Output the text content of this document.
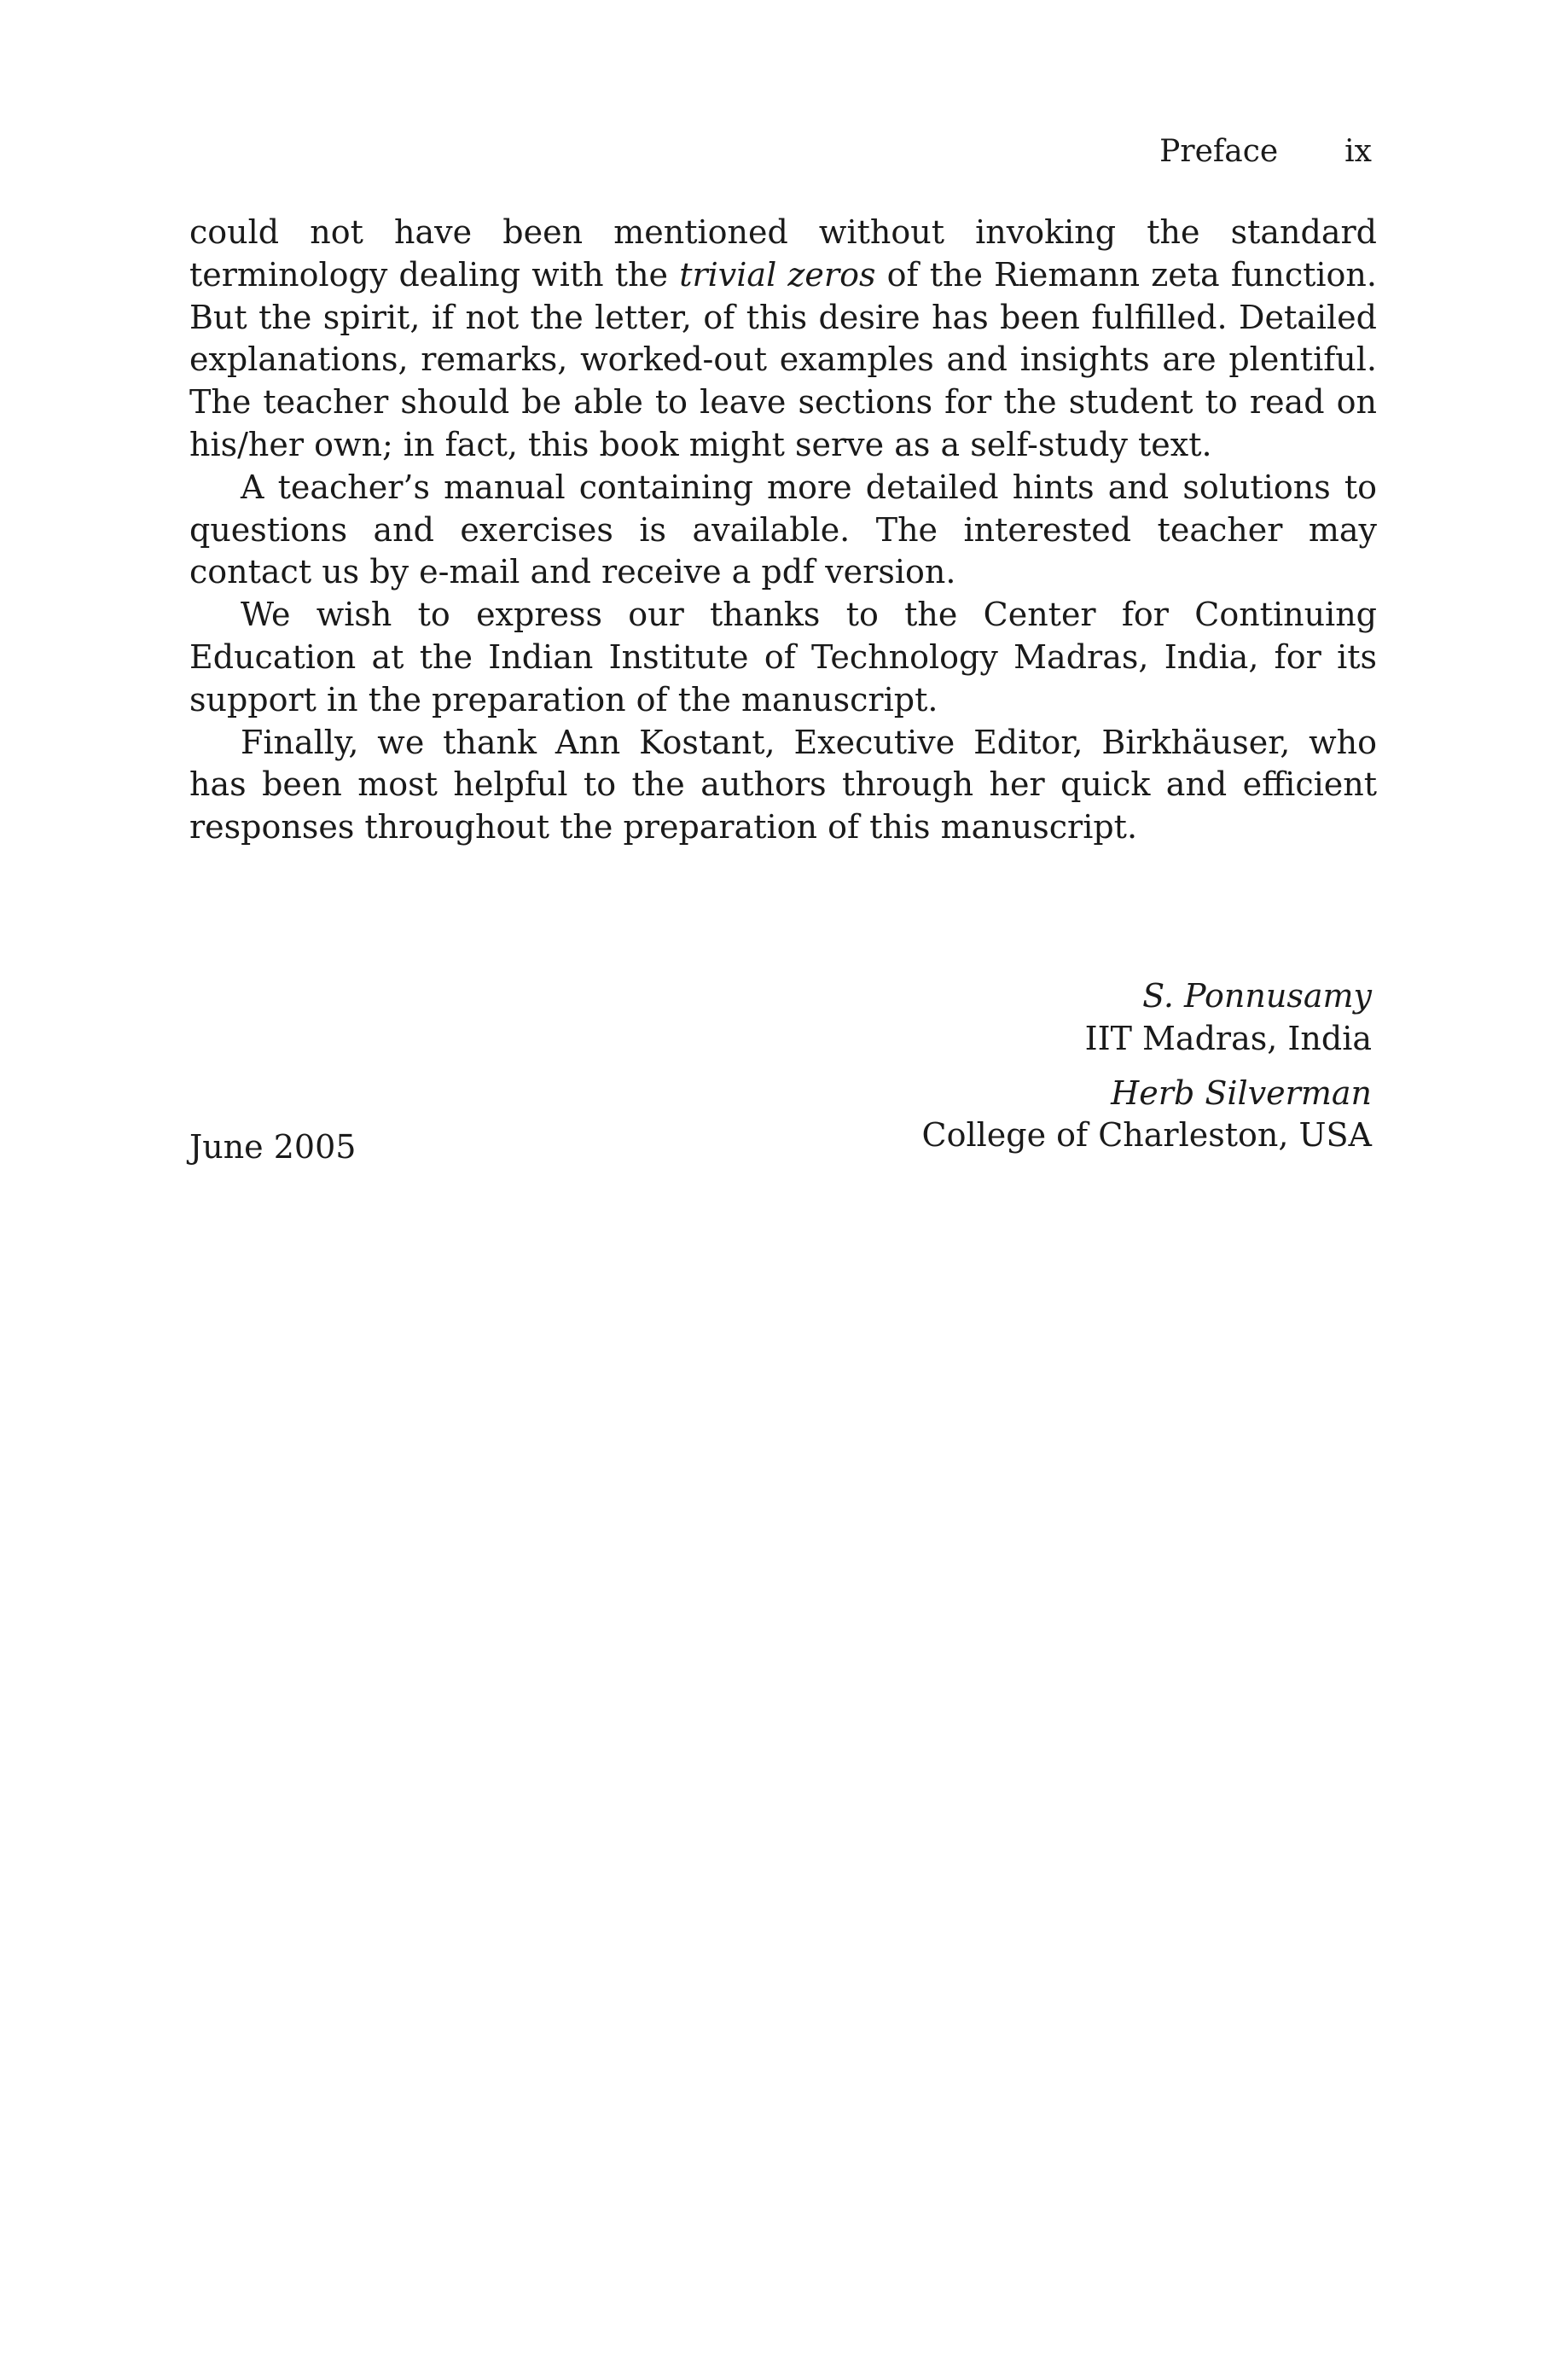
Preface ix

could not have been mentioned without invoking the standard terminology dealing with the trivial zeros of the Riemann zeta function. But the spirit, if not the letter, of this desire has been fulfilled. Detailed explanations, remarks, worked-out examples and insights are plentiful. The teacher should be able to leave sections for the student to read on his/her own; in fact, this book might serve as a self-study text.

A teacher’s manual containing more detailed hints and solutions to questions and exercises is available. The interested teacher may contact us by e-mail and receive a pdf version.

We wish to express our thanks to the Center for Continuing Education at the Indian Institute of Technology Madras, India, for its support in the preparation of the manuscript.

Finally, we thank Ann Kostant, Executive Editor, Birkhäuser, who has been most helpful to the authors through her quick and efficient responses throughout the preparation of this manuscript.

S. Ponnusamy
IIT Madras, India
Herb Silverman
College of Charleston, USA
June 2005
